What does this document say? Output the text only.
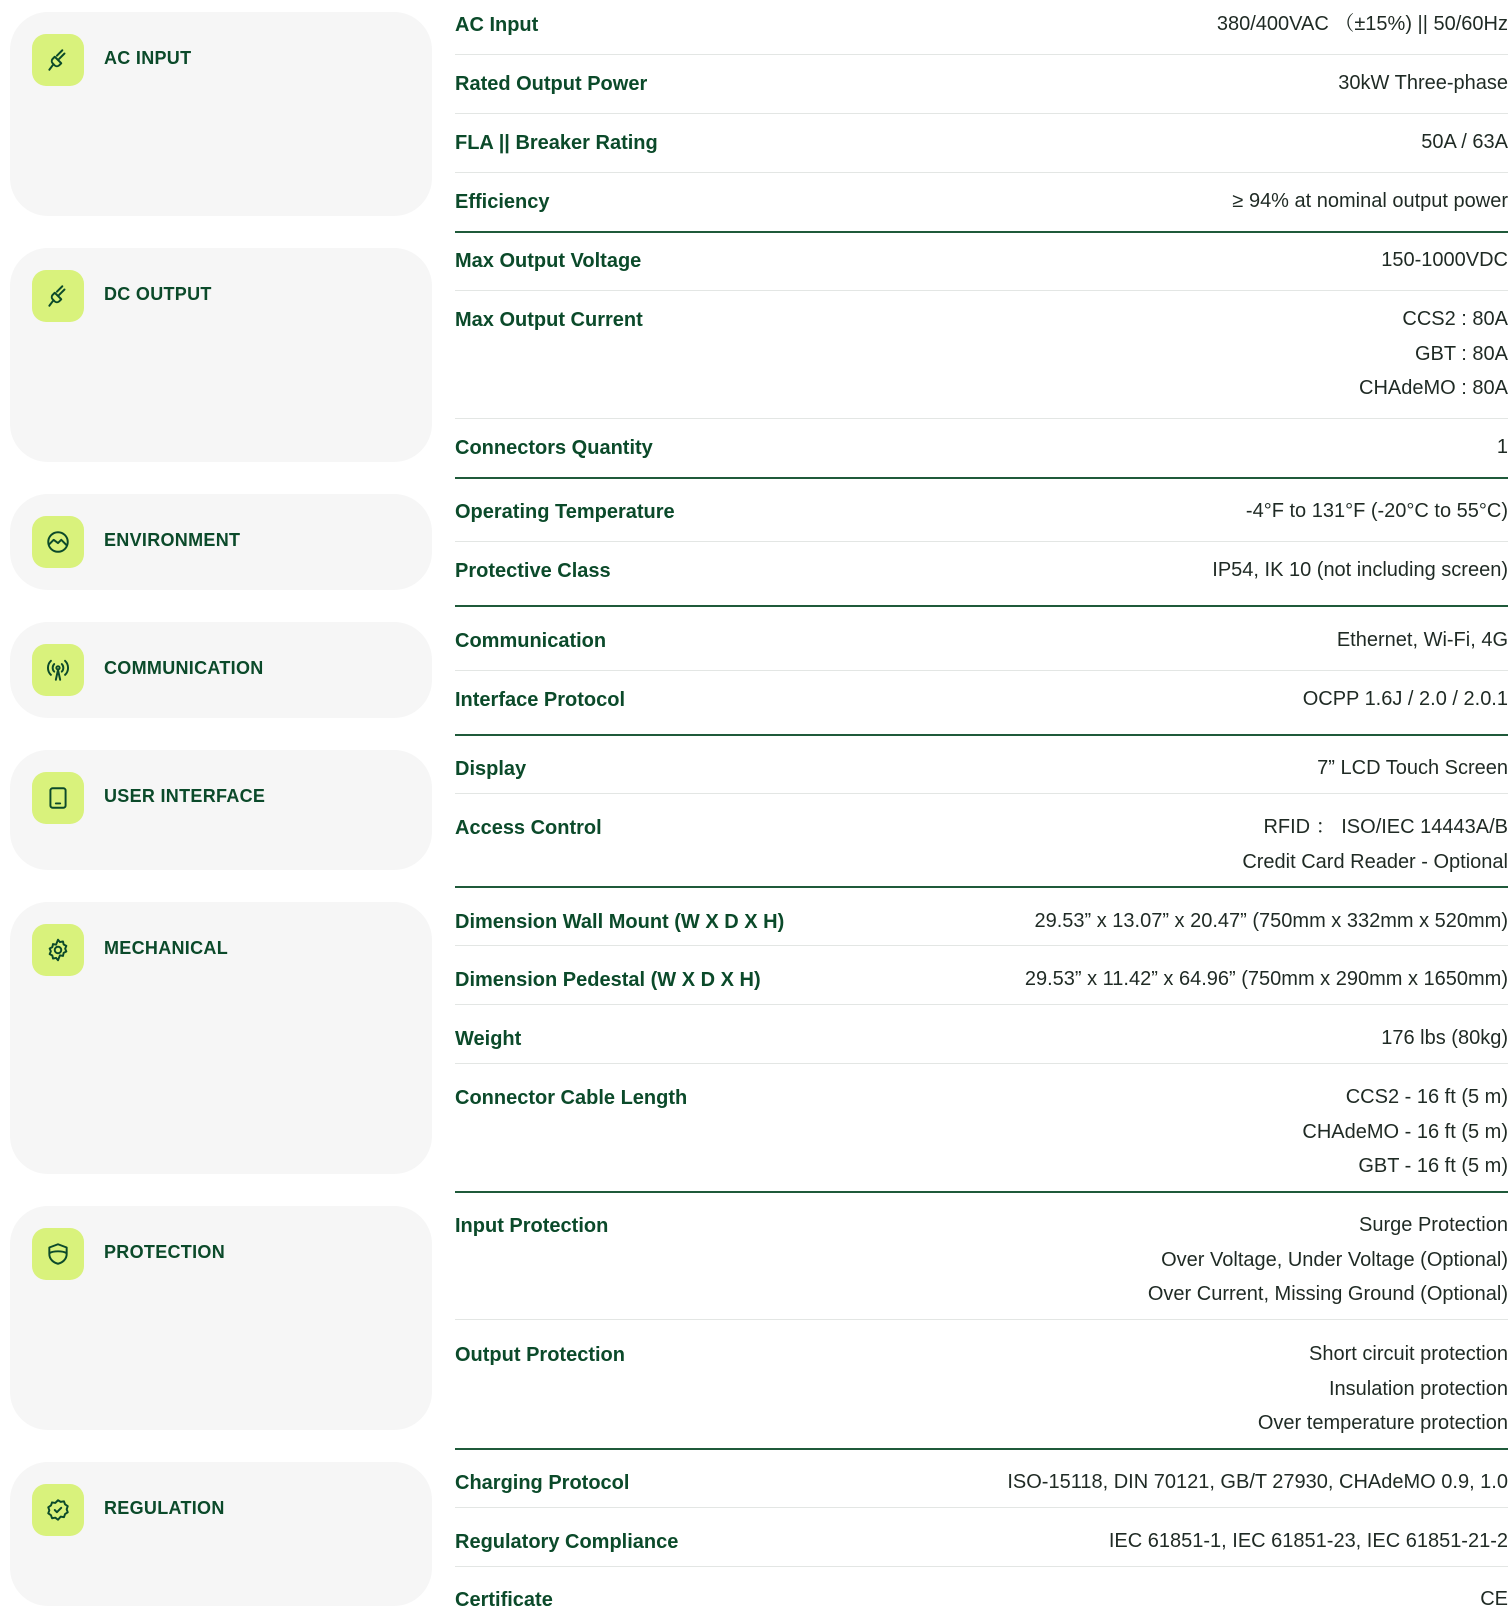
AC INPUT
DC OUTPUT
ENVIRONMENT
COMMUNICATION
USER INTERFACE
MECHANICAL
PROTECTION
REGULATION
AC Input	380/400VAC （±15%) || 50/60Hz
Rated Output Power	30kW Three-phase
FLA || Breaker Rating	50A / 63A
Efficiency	≥ 94% at nominal output power
Max Output Voltage	150-1000VDC
Max Output Current	CCS2 : 80A
GBT : 80A
CHAdeMO : 80A
Connectors Quantity	1
Operating Temperature	-4°F to 131°F (-20°C to 55°C)
Protective Class	IP54, IK 10 (not including screen)
Communication	Ethernet, Wi-Fi, 4G
Interface Protocol	OCPP 1.6J / 2.0 / 2.0.1
Display	7” LCD Touch Screen
Access Control	RFID ： ISO/IEC 14443A/B
Credit Card Reader - Optional
Dimension Wall Mount (W X D X H)	29.53” x 13.07” x 20.47” (750mm x 332mm x 520mm)
Dimension Pedestal (W X D X H)	29.53” x 11.42” x 64.96” (750mm x 290mm x 1650mm)
Weight	176 lbs (80kg)
Connector Cable Length	CCS2 - 16 ft (5 m)
CHAdeMO - 16 ft (5 m)
GBT - 16 ft (5 m)
Input Protection	Surge Protection
Over Voltage, Under Voltage (Optional)
Over Current, Missing Ground (Optional)
Output Protection	Short circuit protection
Insulation protection
Over temperature protection
Charging Protocol	ISO-15118, DIN 70121, GB/T 27930, CHAdeMO 0.9, 1.0
Regulatory Compliance	IEC 61851-1, IEC 61851-23, IEC 61851-21-2
Certificate	CE
